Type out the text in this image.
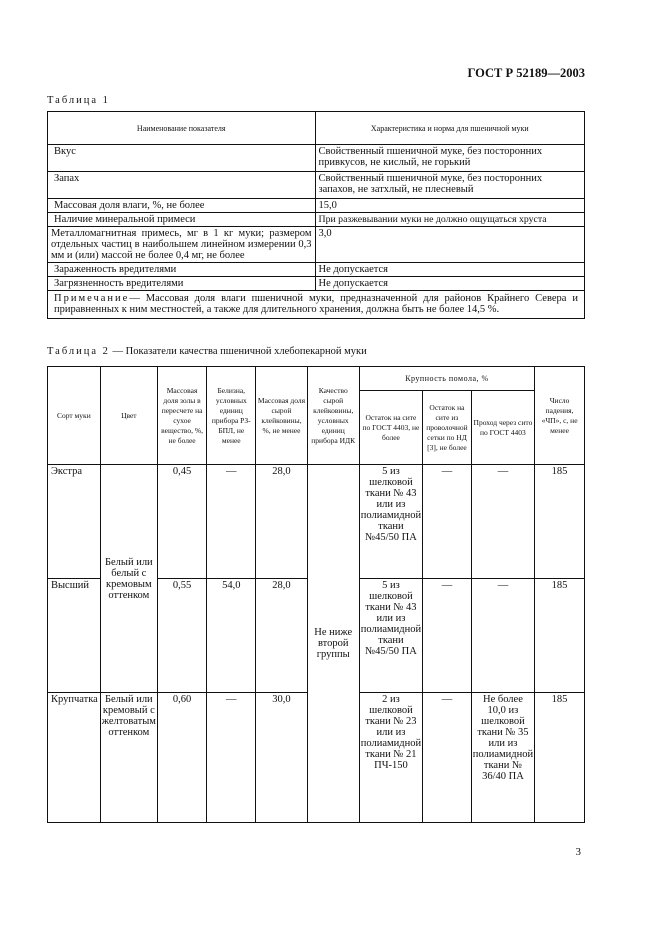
ГОСТ Р 52189—2003
Таблица 1
Наименование показателя	Характеристика и норма для пшеничной муки
Вкус	Свойственный пшеничной муке, без посторонних привкусов, не кислый, не горький
Запах	Свойственный пшеничной муке, без посторонних запахов, не затхлый, не плесневый
Массовая доля влаги, %, не более	15,0
Наличие минеральной примеси	При разжевывании муки не должно ощущаться хруста
Металломагнитная примесь, мг в 1 кг муки; размером отдельных частиц в наибольшем линейном измерении 0,3 мм и (или) массой не более 0,4 мг, не более	3,0
Зараженность вредителями	Не допускается
Загрязненность вредителями	Не допускается
Примечание— Массовая доля влаги пшеничной муки, предназначенной для районов Крайнего Севера и приравненных к ним местностей, а также для длительного хранения, должна быть не более 14,5 %.	
Таблица 2 — Показатели качества пшеничной хлебопекарной муки
Сорт муки	Цвет	Массовая доля золы в пересчете на сухое вещество, %, не более	Белизна, условных единиц прибора РЗ-БПЛ, не менее	Массовая доля сырой клейковины, %, не менее	Качество сырой клейковины, условных единиц прибора ИДК	Крупность помола, %			Число падения, «ЧП», с, не менее
						Остаток на сите по ГОСТ 4403, не более	Остаток на сите из проволочной сетки по НД [3], не более	Проход через сито по ГОСТ 4403	
Экстра	Белый или белый с кремовым оттенком	0,45	—	28,0	Не ниже второй группы	5 из шелковой ткани № 43 или из полиамидной ткани №45/50 ПА	—	—	185
Высший		0,55	54,0	28,0		5 из шелковой ткани № 43 или из полиамидной ткани №45/50 ПА	—	—	185
Крупчатка	Белый или кремовый с желтоватым оттенком	0,60	—	30,0		2 из шелковой ткани № 23 или из полиамидной ткани № 21 ПЧ-150	—	Не более 10,0 из шелковой ткани № 35 или из полиамидной ткани № 36/40 ПА	185
3
